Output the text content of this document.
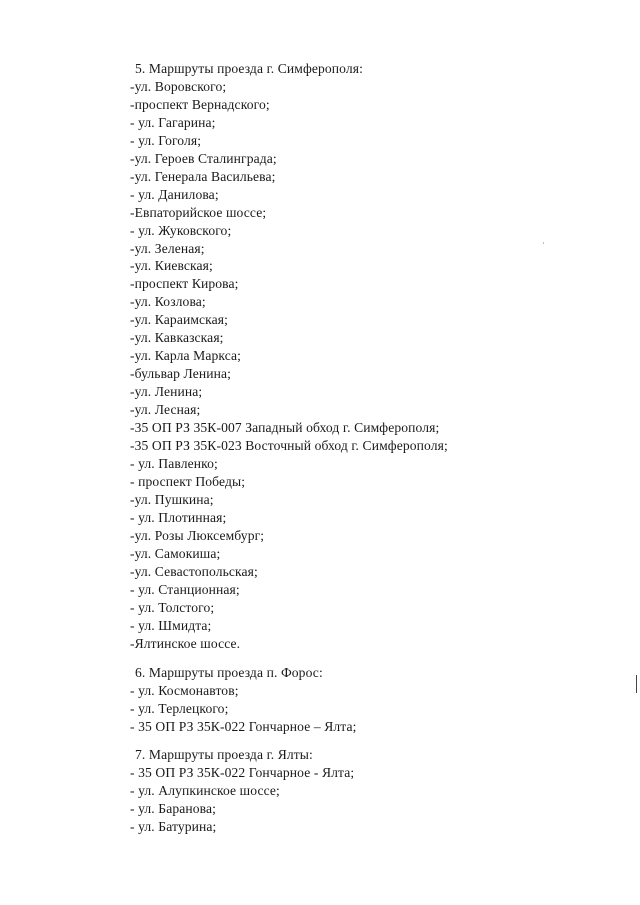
5. Маршруты проезда г. Симферополя:
-ул. Воровского;
-проспект Вернадского;
- ул. Гагарина;
- ул. Гоголя;
-ул. Героев Сталинграда;
-ул. Генерала Васильева;
- ул. Данилова;
-Евпаторийское шоссе;
- ул. Жуковского;
-ул. Зеленая;
-ул. Киевская;
-проспект Кирова;
-ул. Козлова;
-ул. Караимская;
-ул. Кавказская;
-ул. Карла Маркса;
-бульвар Ленина;
-ул. Ленина;
-ул. Лесная;
-35 ОП РЗ 35К-007 Западный обход г. Симферополя;
-35 ОП РЗ 35К-023 Восточный обход г. Симферополя;
- ул. Павленко;
- проспект Победы;
-ул. Пушкина;
- ул. Плотинная;
-ул. Розы Люксембург;
-ул. Самокиша;
-ул. Севастопольская;
- ул. Станционная;
- ул. Толстого;
- ул. Шмидта;
-Ялтинское шоссе.
6. Маршруты проезда п. Форос:
- ул. Космонавтов;
- ул. Терлецкого;
- 35 ОП РЗ 35К-022 Гончарное – Ялта;
7. Маршруты проезда г. Ялты:
- 35 ОП РЗ 35К-022 Гончарное - Ялта;
- ул. Алупкинское шоссе;
- ул. Баранова;
- ул. Батурина;
